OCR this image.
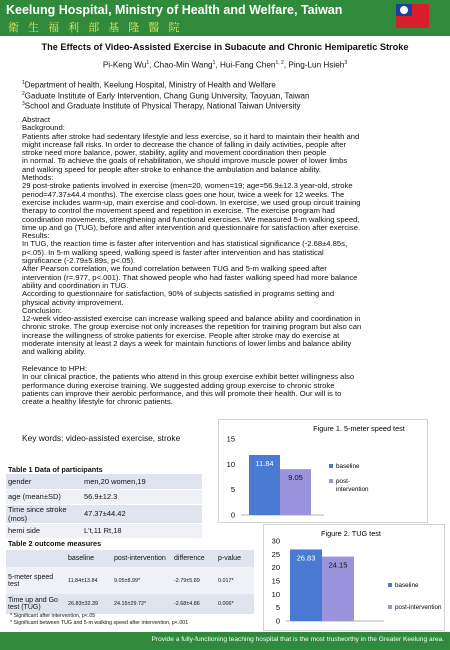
Keelung Hospital, Ministry of Health and Welfare, Taiwan
衛 生 福 利 部 基 隆 醫 院
The Effects of Video-Assisted Exercise in Subacute and Chronic Hemiparetic Stroke
Pi-Keng Wu$^1$, Chao-Min Wang$^1$, Hui-Fang Chen$^{1, 2}$, Ping-Lun Hsieh$^3$
$^1$Department of health, Keelung Hospital, Ministry of Health and Welfare
$^2$Gaduate Institute of Early Intervention, Chang Gung University, Taoyuan, Taiwan
$^3$School and Graduate Institute of Physical Therapy, National Taiwan University

Abstract

Background:

Patients after stroke had sedentary lifestyle and less exercise, so it hard to maintain their health and

might increase fall risks. In order to decrease the chance of falling in daily activities, people after

stroke need more balance, power, stability, agility and movement coordination then people

in normal. To achieve the goals of rehabilitation, we should improve muscle power of lower limbs

and walking speed for people after stroke to enhance the ambulation and balance ability.

Methods:

29 post-stroke patients involved in exercise (men=20, women=19; age=56.9±12.3 year-old, stroke

period=47.37±44.4 months). The exercise class goes one hour, twice a week for 12 weeks. The

exercise includes warm-up, main exercise and cool-down. In exercise, we used group circuit training

therapy to control the movement speed and repetition in exercise. The exercise program had

coordination movements, strengthening and functional exercises. We measured 5-m walking speed,

time up and go (TUG), before and after intervention and questionnaire for satisfaction after exercise.

Results:

In TUG, the reaction time is faster after intervention and has statistical significance (-2.68±4.85s，

p<.05). In 5-m walking speed, walking speed is faster after intervention and has statistical

significance (-2.79±5.89s, p<.05).

After Pearson correlation, we found correlation between TUG and 5-m walking speed after

intervention (r=.977, p<.001). That showed people who had faster walking speed had more balance

ability and coordination in TUG.

According to questionnaire for satisfaction, 90% of subjects satisfied in programs setting and

physical activity improvement.

Conclusion:

12-week video-assisted exercise can increase walking speed and balance ability and coordination in

chronic stroke. The group exercise not only increases the repetition for training program but also can

increase the willingness of stroke patients for exercise. People after stroke may do exercise at

moderate intensity at least 2 days a week for maintain functions of lower limbs and balance ability

and walking ability.

Relevance to HPH:

In our clinical practice, the patients who attend in this group exercise exhibit better willingness also

performance during exercise training. We suggested adding group exercise to chronic stroke

patients can improve their aerobic performance, and this will promote their health. Our will is to

create a healthy lifestyle for chronic patients.

Key words: video-assisted exercise, stroke
Table 1 Data of participants
gender	men,20 women,19
age (mean±SD)	56.9±12.3
Time since stroke (mos)	47.37±44.42
hemi side	L't,11 Rt,18
Table 2 outcome measures
	baseline	post-intervention	difference	p-value
5-meter speed test	11.84±13.84	9.05±8.99*	-2.79±5.89	0.017*
Time up and Go test (TUG)	26.83±32.39	24.15±29.72*	-2.68±4.86	0.006*
* Significant after intervention, p<.05
* Significant between TUG and 5-m walking speed after intervention, p<.001
Figure 1. 5-meter speed test
0
5
10
15
11.84
9.05
baseline
post-
intervention
Figure 2. TUG test
0
5
10
15
20
25
30
26.83
24.15
baseline
post-intervention
Provide a fully-functioning teaching hospital that is the most trustworthy in the Greater Keelung area.
